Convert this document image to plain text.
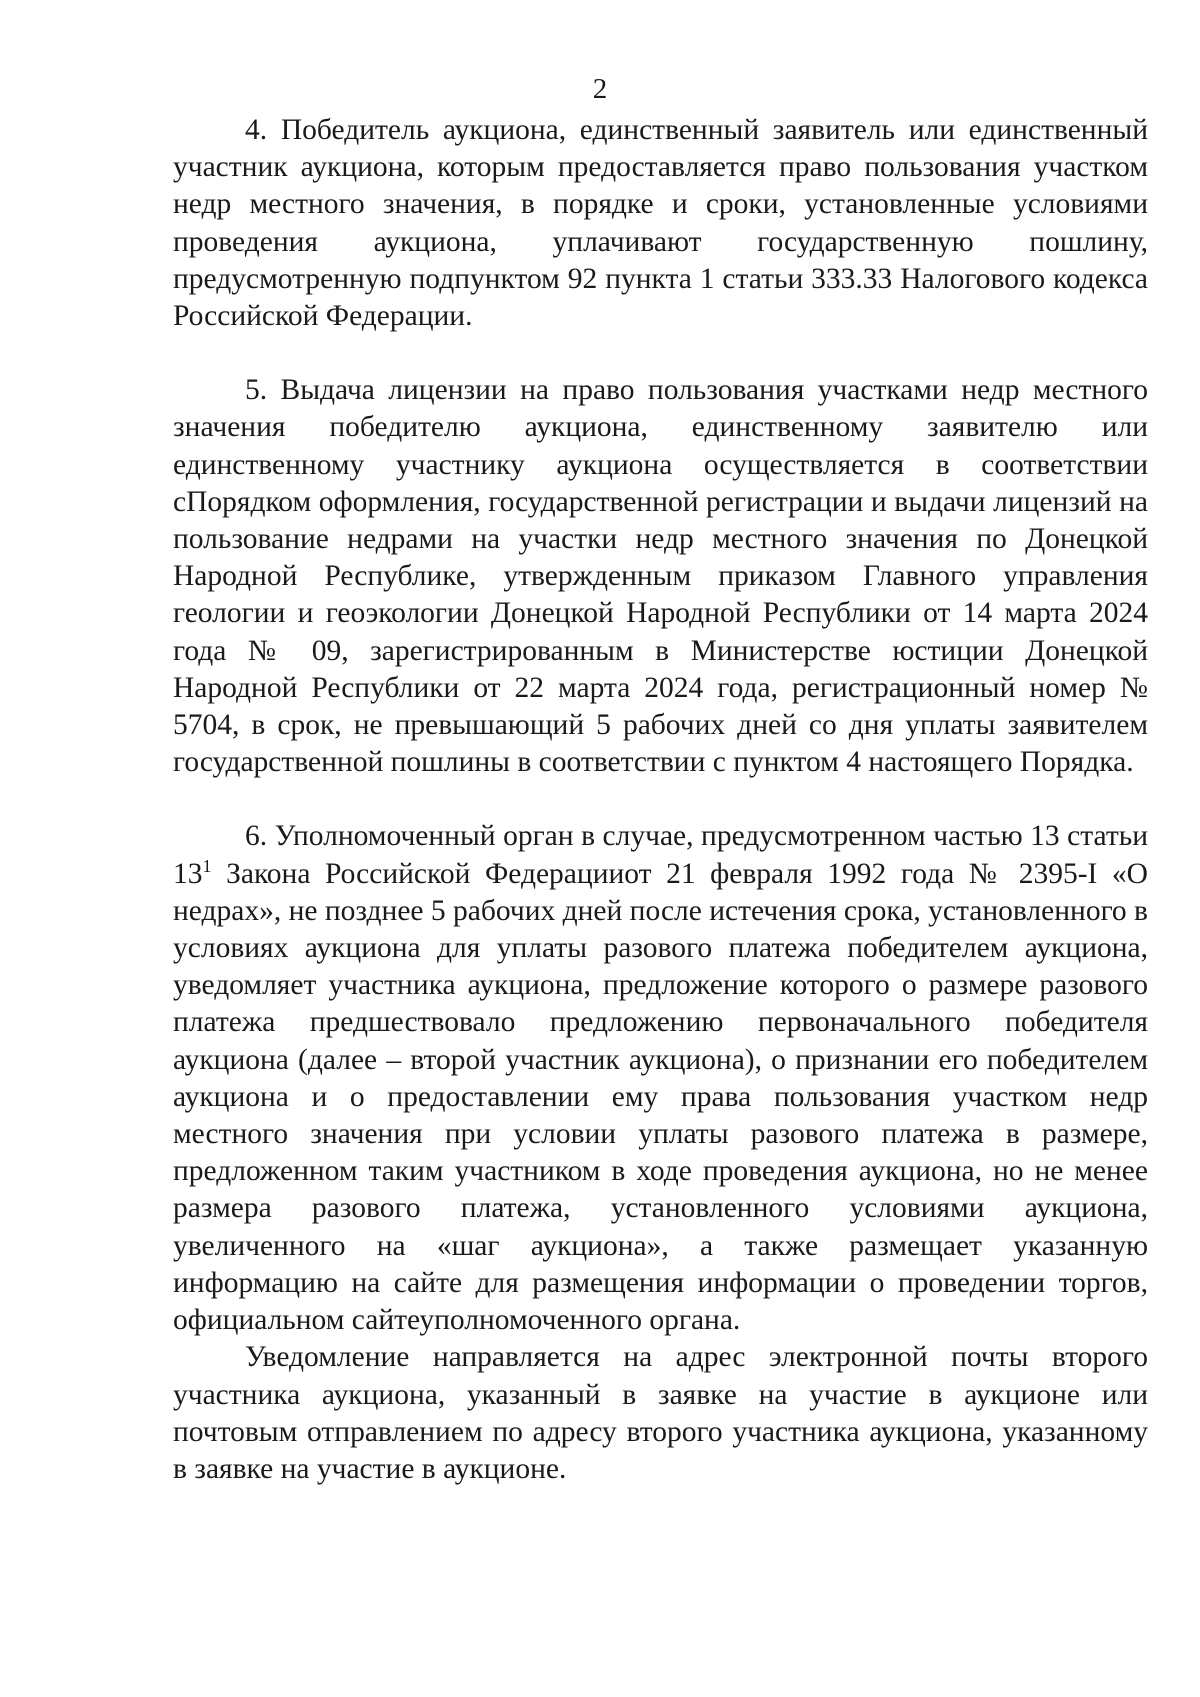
2

4. Победитель аукциона, единственный заявитель или единственный участник аукциона, которым предоставляется право пользования участком недр местного значения, в порядке и сроки, установленные условиями проведения аукциона, уплачивают государственную пошлину, предусмотренную подпунктом 92 пункта 1 статьи 333.33 Налогового кодекса Российской Федерации.

5. Выдача лицензии на право пользования участками недр местного значения победителю аукциона, единственному заявителю или единственному участнику аукциона осуществляется в соответствии сПорядком оформления, государственной регистрации и выдачи лицензий на пользование недрами на участки недр местного значения по Донецкой Народной Республике, утвержденным приказом Главного управления геологии и геоэкологии Донецкой Народной Республики от 14 марта 2024 года № 09, зарегистрированным в Министерстве юстиции Донецкой Народной Республики от 22 марта 2024 года, регистрационный номер № 5704, в срок, не превышающий 5 рабочих дней со дня уплаты заявителем государственной пошлины в соответствии с пунктом 4 настоящего Порядка.

6. Уполномоченный орган в случае, предусмотренном частью 13 статьи $13^1$ Закона Российской Федерацииот 21 февраля 1992 года № 2395-I «О недрах», не позднее 5 рабочих дней после истечения срока, установленного в условиях аукциона для уплаты разового платежа победителем аукциона, уведомляет участника аукциона, предложение которого о размере разового платежа предшествовало предложению первоначального победителя аукциона (далее – второй участник аукциона), о признании его победителем аукциона и о предоставлении ему права пользования участком недр местного значения при условии уплаты разового платежа в размере, предложенном таким участником в ходе проведения аукциона, но не менее размера разового платежа, установленного условиями аукциона, увеличенного на «шаг аукциона», а также размещает указанную информацию на сайте для размещения информации о проведении торгов, официальном сайтеуполномоченного органа.

Уведомление направляется на адрес электронной почты второго участника аукциона, указанный в заявке на участие в аукционе или почтовым отправлением по адресу второго участника аукциона, указанному в заявке на участие в аукционе.
